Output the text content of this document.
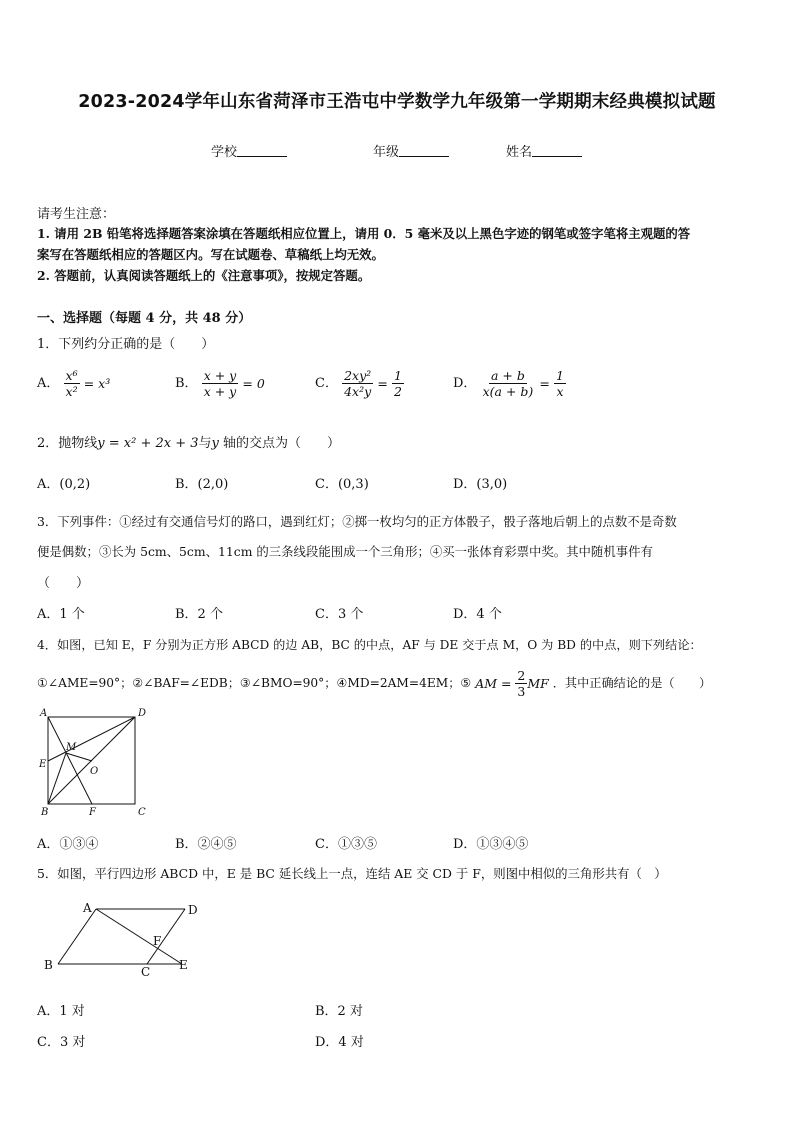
2023-2024学年山东省菏泽市王浩屯中学数学九年级第一学期期末经典模拟试题
学校	年级	姓名
请考生注意：
1. 请用 2B 铅笔将选择题答案涂填在答题纸相应位置上，请用 0．5 毫米及以上黑色字迹的钢笔或签字笔将主观题的答
案写在答题纸相应的答题区内。写在试题卷、草稿纸上均无效。
2. 答题前，认真阅读答题纸上的《注意事项》，按规定答题。
一、选择题（每题 4 分，共 48 分）
1．下列约分正确的是（　　）
A． $\frac{\text{x⁶}}{\text{x²}} = x^3$	B． $\frac{x + y}{x + y} = 0$	C． $\frac{\text{2xy²}}{\text{4x²y}} = \frac{1}{2}$	D． $\frac{a + b}{x(a + b)} = \frac{1}{x}$
2．抛物线y = x² + 2x + 3与y 轴的交点为（　　）
A．(0,2)	B．(2,0)	C．(0,3)	D．(3,0)
3．下列事件：①经过有交通信号灯的路口，遇到红灯；②掷一枚均匀的正方体骰子，骰子落地后朝上的点数不是奇数
便是偶数；③长为 5cm、5cm、11cm 的三条线段能围成一个三角形；④买一张体育彩票中奖。其中随机事件有
（　　）
A．1 个	B．2 个	C．3 个	D．4 个
4．如图，已知 E，F 分别为正方形 ABCD 的边 AB，BC 的中点，AF 与 DE 交于点 M，O 为 BD 的中点，则下列结论：
①∠AME=90°；②∠BAF=∠EDB；③∠BMO=90°；④MD=2AM=4EM；⑤ AM = $\frac{2}{3}$ MF ．其中正确结论的是（　　）
A	D
M
E
O
B	F	C
A．①③④	B．②④⑤	C．①③⑤	D．①③④⑤
5．如图，平行四边形 ABCD 中，E 是 BC 延长线上一点，连结 AE 交 CD 于 F，则图中相似的三角形共有（　）
A	D
F
B	C E
A．1 对	B．2 对
C．3 对	D．4 对
